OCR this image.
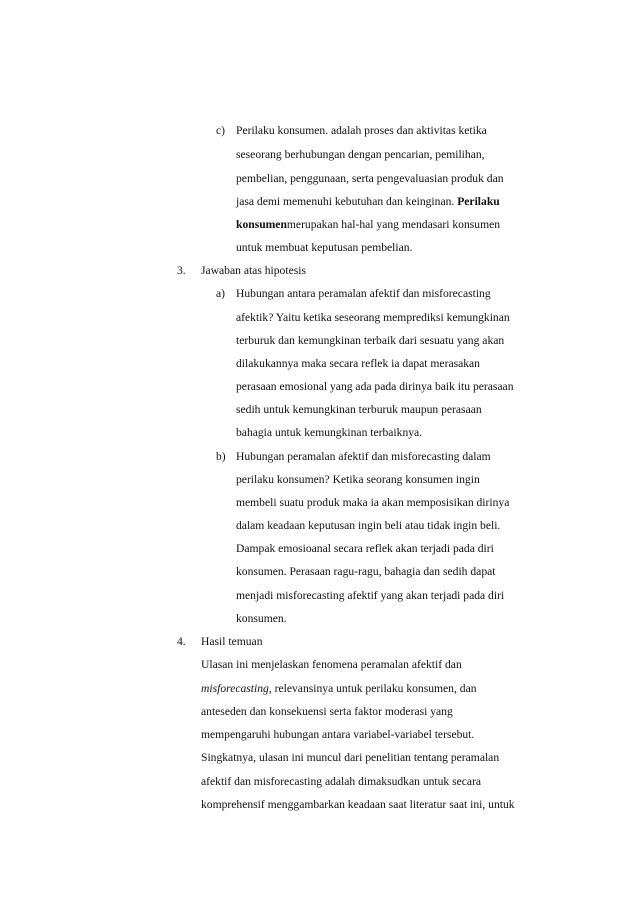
c) Perilaku konsumen. adalah proses dan aktivitas ketika
seseorang berhubungan dengan pencarian, pemilihan,
pembelian, penggunaan, serta pengevaluasian produk dan
jasa demi memenuhi kebutuhan dan keinginan. Perilaku
konsumenmerupakan hal-hal yang mendasari konsumen
untuk membuat keputusan pembelian.
3. Jawaban atas hipotesis
a) Hubungan antara peramalan afektif dan misforecasting
afektik? Yaitu ketika seseorang memprediksi kemungkinan
terburuk dan kemungkinan terbaik dari sesuatu yang akan
dilakukannya maka secara reflek ia dapat merasakan
perasaan emosional yang ada pada dirinya baik itu perasaan
sedih untuk kemungkinan terburuk maupun perasaan
bahagia untuk kemungkinan terbaiknya.
b) Hubungan peramalan afektif dan misforecasting dalam
perilaku konsumen? Ketika seorang konsumen ingin
membeli suatu produk maka ia akan memposisikan dirinya
dalam keadaan keputusan ingin beli atau tidak ingin beli.
Dampak emosioanal secara reflek akan terjadi pada diri
konsumen. Perasaan ragu-ragu, bahagia dan sedih dapat
menjadi misforecasting afektif yang akan terjadi pada diri
konsumen.
4. Hasil temuan
Ulasan ini menjelaskan fenomena peramalan afektif dan
misforecasting, relevansinya untuk perilaku konsumen, dan
anteseden dan konsekuensi serta faktor moderasi yang
mempengaruhi hubungan antara variabel-variabel tersebut.
Singkatnya, ulasan ini muncul dari penelitian tentang peramalan
afektif dan misforecasting adalah dimaksudkan untuk secara
komprehensif menggambarkan keadaan saat literatur saat ini, untuk
